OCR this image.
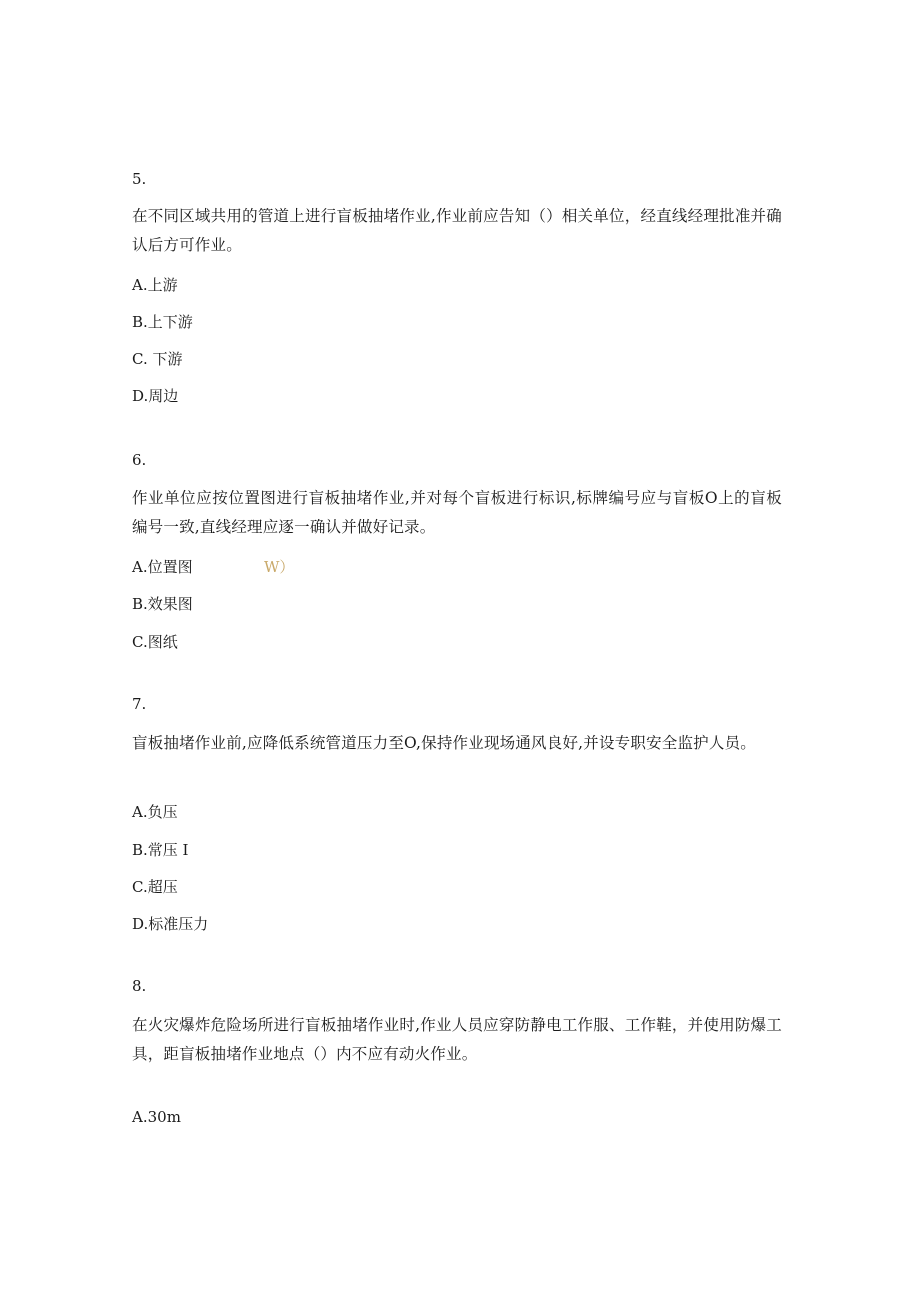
5.
在不同区域共用的管道上进行盲板抽堵作业,作业前应告知（）相关单位，经直线经理批准并确认后方可作业。
A.上游
B.上下游
C. 下游
D.周边
6.
作业单位应按位置图进行盲板抽堵作业,并对每个盲板进行标识,标牌编号应与盲板O上的盲板编号一致,直线经理应逐一确认并做好记录。
A.位置图
B.效果图
C.图纸
W）
7.
盲板抽堵作业前,应降低系统管道压力至O,保持作业现场通风良好,并设专职安全监护人员。
A.负压
B.常压 I
C.超压
D.标准压力
8.
在火灾爆炸危险场所进行盲板抽堵作业时,作业人员应穿防静电工作服、工作鞋，并使用防爆工具，距盲板抽堵作业地点（）内不应有动火作业。
A.30m
